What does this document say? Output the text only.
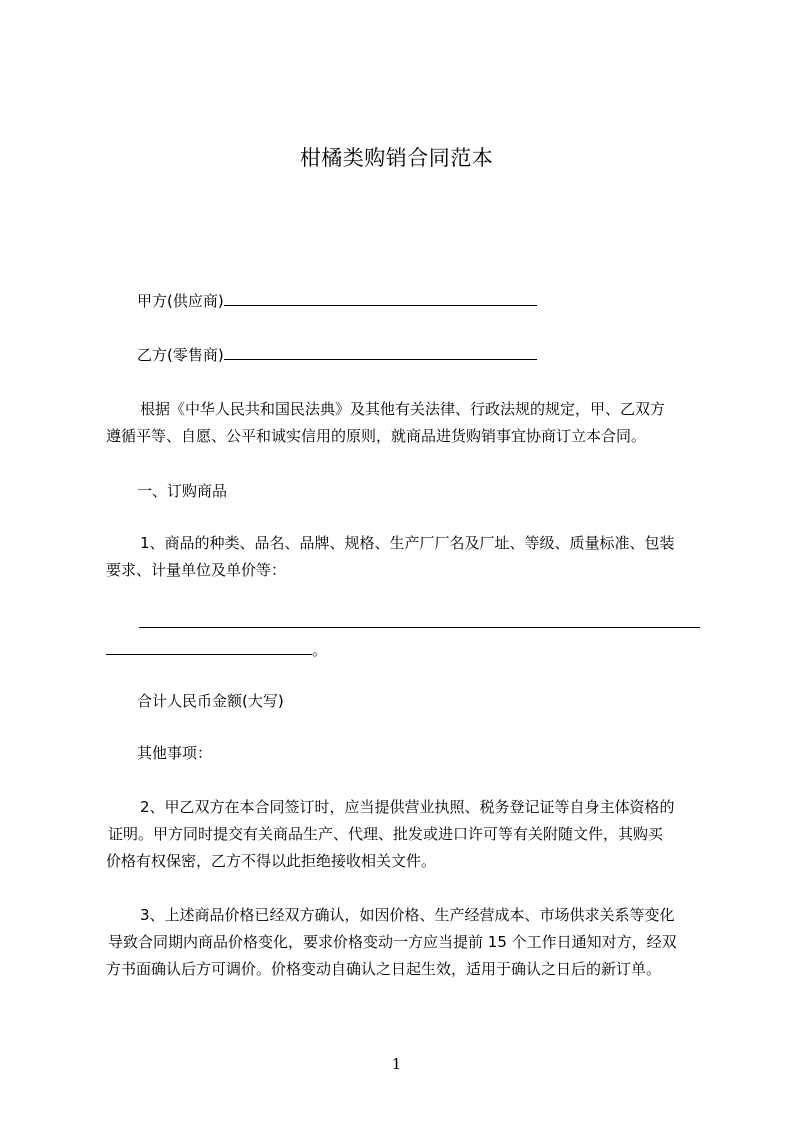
柑橘类购销合同范本
甲方(供应商)
乙方(零售商)
根据《中华人民共和国民法典》及其他有关法律、行政法规的规定，甲、乙双方
遵循平等、自愿、公平和诚实信用的原则，就商品进货购销事宜协商订立本合同。
一、订购商品
1、商品的种类、品名、品牌、规格、生产厂厂名及厂址、等级、质量标准、包装
要求、计量单位及单价等：
。
合计人民币金额(大写)
其他事项：
2、甲乙双方在本合同签订时，应当提供营业执照、税务登记证等自身主体资格的
证明。甲方同时提交有关商品生产、代理、批发或进口许可等有关附随文件，其购买
价格有权保密，乙方不得以此拒绝接收相关文件。
3、上述商品价格已经双方确认，如因价格、生产经营成本、市场供求关系等变化
导致合同期内商品价格变化，要求价格变动一方应当提前 15 个工作日通知对方，经双
方书面确认后方可调价。价格变动自确认之日起生效，适用于确认之日后的新订单。
1
